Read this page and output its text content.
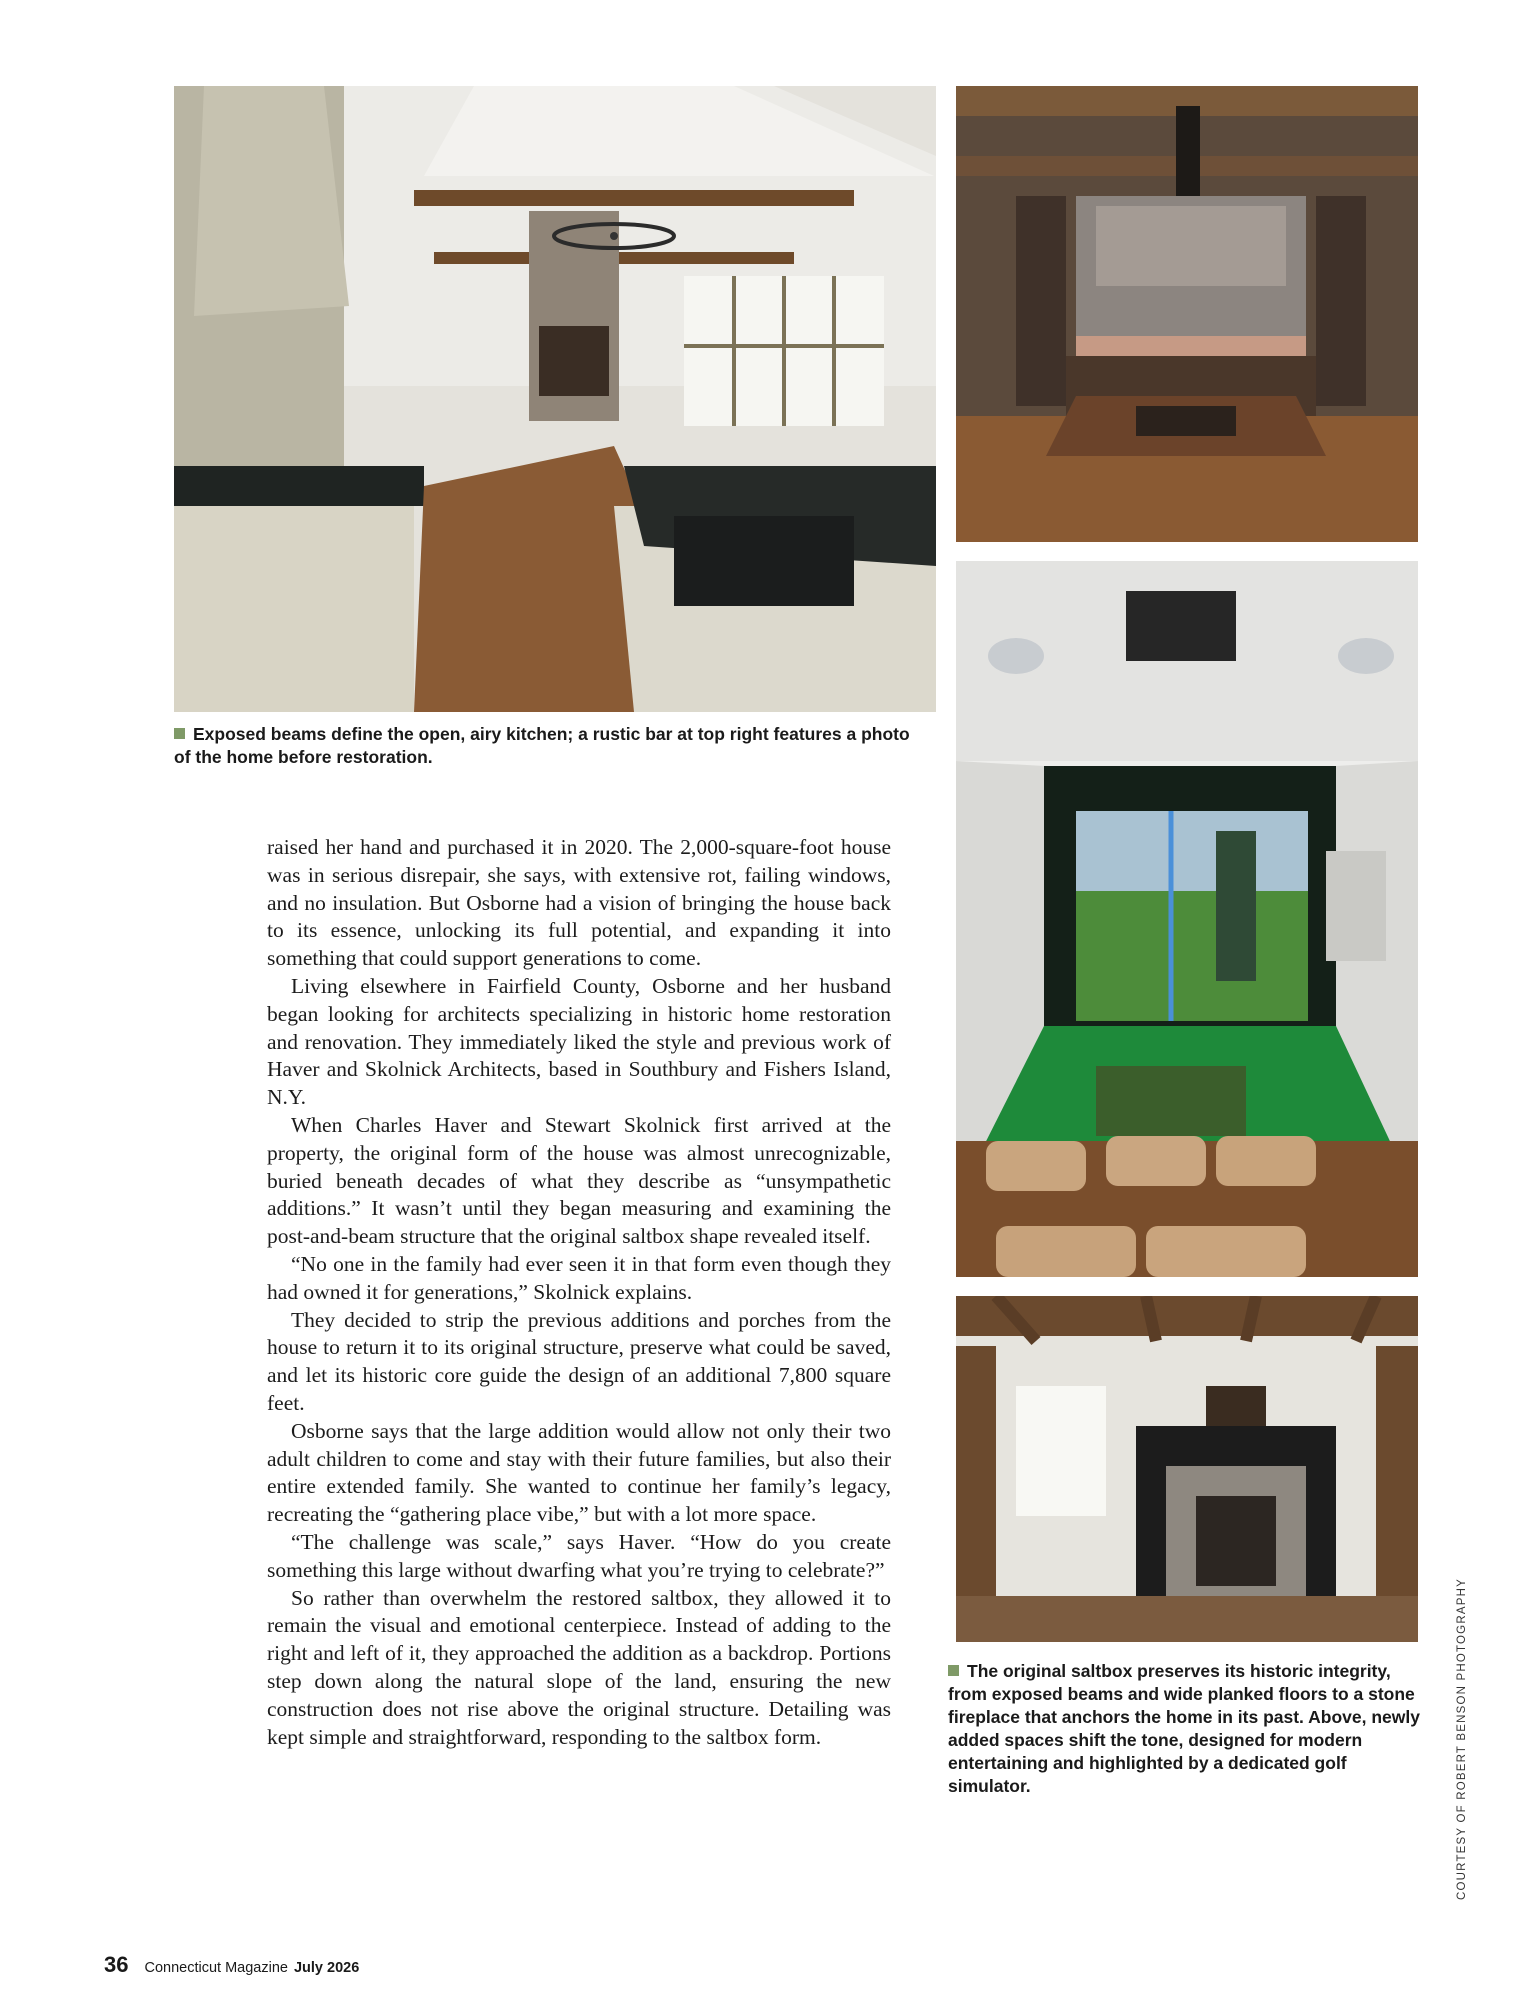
Exposed beams define the open, airy kitchen; a rustic bar at top right features a photo of the home before restoration.

raised her hand and purchased it in 2020. The 2,000-square-foot house was in serious disrepair, she says, with extensive rot, failing windows, and no insulation. But Osborne had a vision of bringing the house back to its essence, unlocking its full potential, and expanding it into something that could support generations to come.

Living elsewhere in Fairfield County, Osborne and her husband began looking for architects specializing in historic home restoration and renovation. They immediately liked the style and previous work of Haver and Skolnick Architects, based in Southbury and Fishers Island, N.Y.

When Charles Haver and Stewart Skolnick first arrived at the property, the original form of the house was almost unrecognizable, buried beneath decades of what they describe as “unsympathetic additions.” It wasn’t until they began measuring and examining the post-and-beam structure that the original saltbox shape revealed itself.

“No one in the family had ever seen it in that form even though they had owned it for generations,” Skolnick explains.

They decided to strip the previous additions and porches from the house to return it to its original structure, preserve what could be saved, and let its historic core guide the design of an additional 7,800 square feet.

Osborne says that the large addition would allow not only their two adult children to come and stay with their future families, but also their entire extended family. She wanted to continue her family’s legacy, recreating the “gathering place vibe,” but with a lot more space.

“The challenge was scale,” says Haver. “How do you create something this large without dwarfing what you’re trying to celebrate?”

So rather than overwhelm the restored saltbox, they allowed it to remain the visual and emotional centerpiece. Instead of adding to the right and left of it, they approached the addition as a backdrop. Portions step down along the natural slope of the land, ensuring the new construction does not rise above the original structure. Detailing was kept simple and straightforward, responding to the saltbox form.

The original saltbox preserves its historic integrity, from exposed beams and wide planked floors to a stone fireplace that anchors the home in its past. Above, newly added spaces shift the tone, designed for modern entertaining and highlighted by a dedicated golf simulator.	COURTESY OF ROBERT BENSON PHOTOGRAPHY
36 Connecticut Magazine July 2026
